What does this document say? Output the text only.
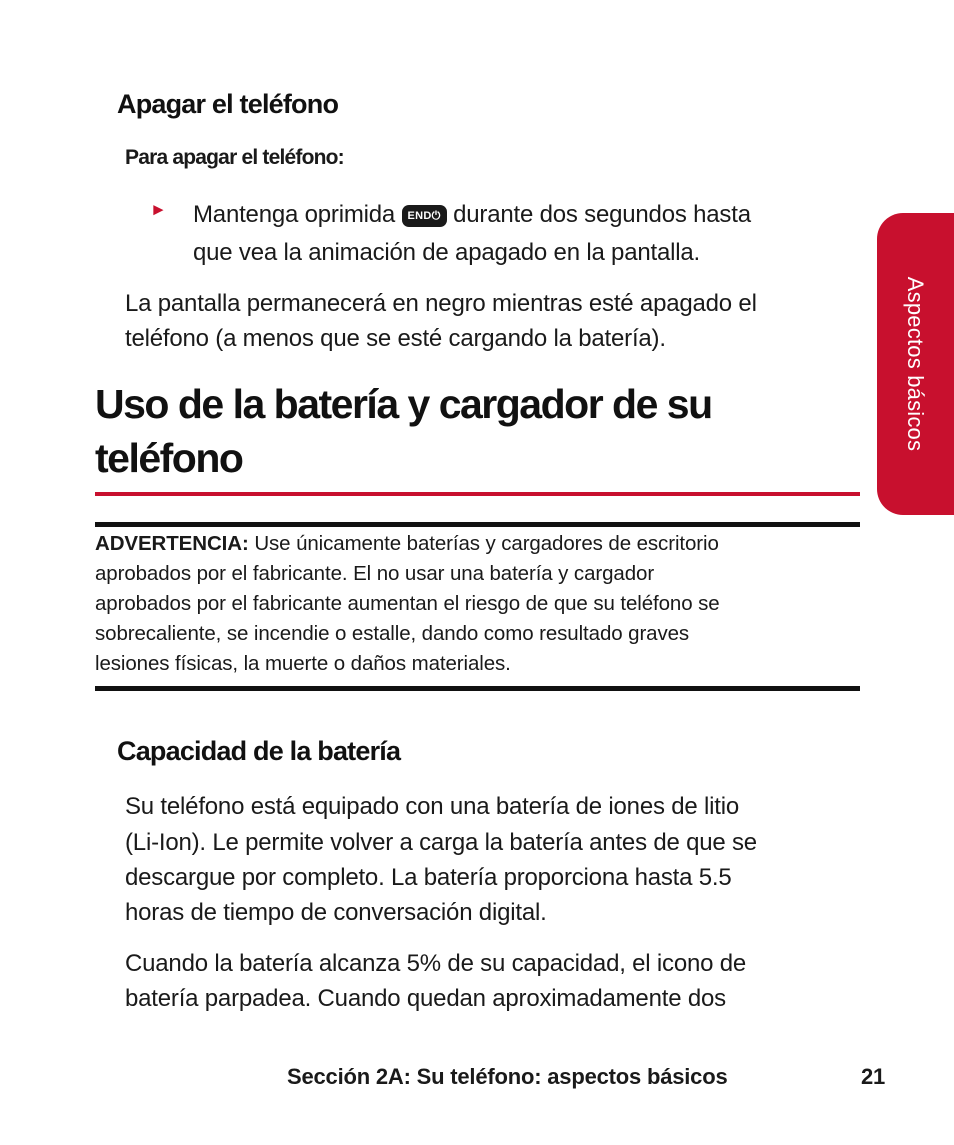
Apagar el teléfono
Para apagar el teléfono:
► Mantenga oprimida END⏻ durante dos segundos hasta
que vea la animación de apagado en la pantalla.
La pantalla permanecerá en negro mientras esté apagado el
teléfono (a menos que se esté cargando la batería).
Uso de la batería y cargador de su
teléfono
ADVERTENCIA: Use únicamente baterías y cargadores de escritorio
aprobados por el fabricante. El no usar una batería y cargador
aprobados por el fabricante aumentan el riesgo de que su teléfono se
sobrecaliente, se incendie o estalle, dando como resultado graves
lesiones físicas, la muerte o daños materiales.
Capacidad de la batería
Su teléfono está equipado con una batería de iones de litio
(Li-Ion). Le permite volver a carga la batería antes de que se
descargue por completo. La batería proporciona hasta 5.5
horas de tiempo de conversación digital.
Cuando la batería alcanza 5% de su capacidad, el icono de
batería parpadea. Cuando quedan aproximadamente dos
Aspectos básicos
Sección 2A: Su teléfono: aspectos básicos	21
